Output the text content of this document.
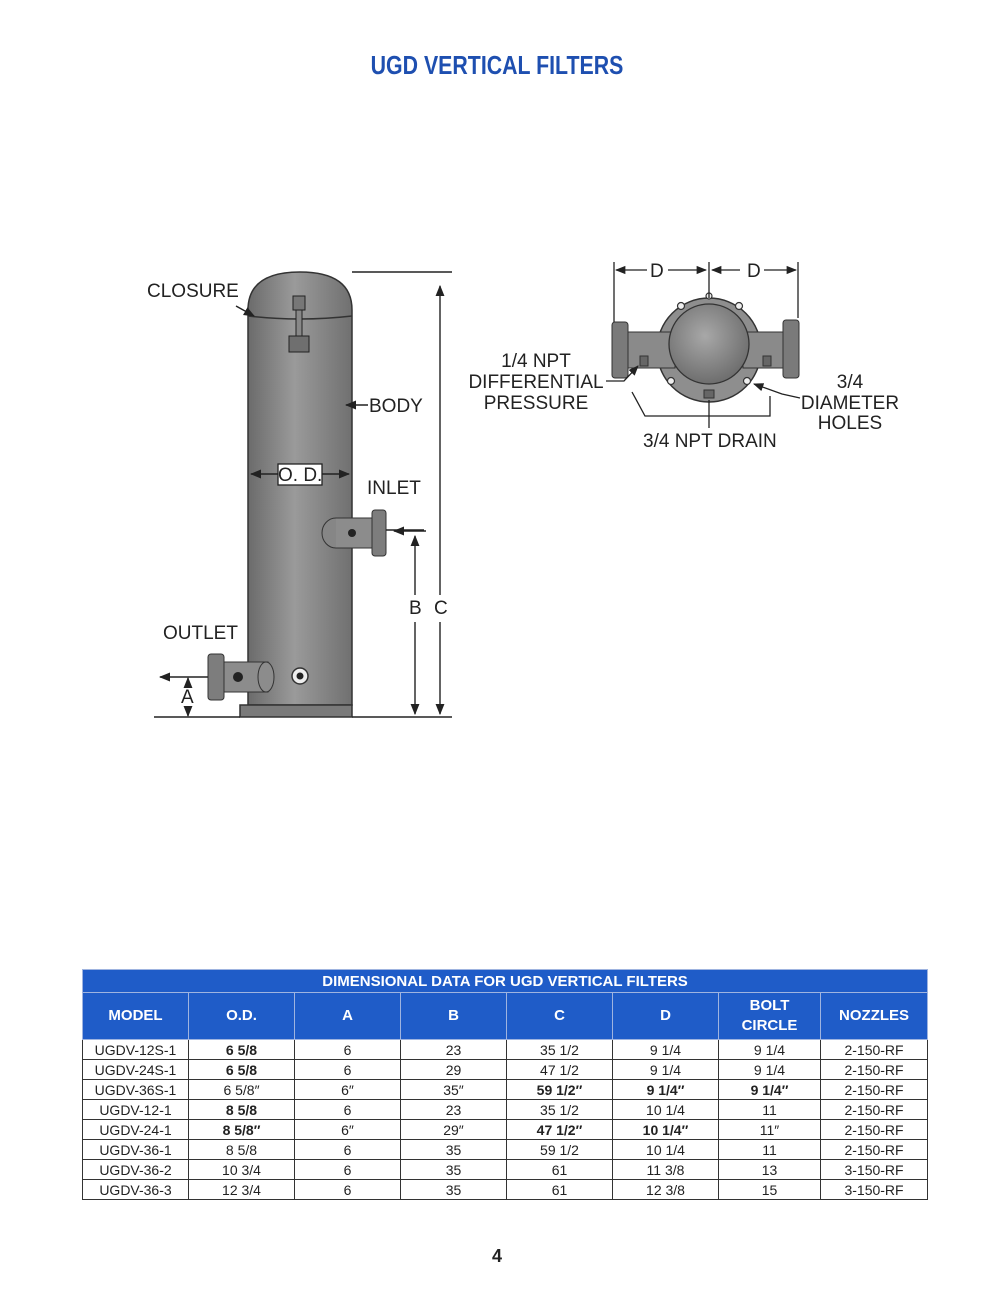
UGD VERTICAL FILTERS
CLOSURE
BODY
O. D.
INLET
OUTLET
A
B C
D	D
1/4 NPT
DIFFERENTIAL
PRESSURE
3/4 NPT DRAIN
3/4
DIAMETER
HOLES
DIMENSIONAL DATA FOR UGD VERTICAL FILTERS							
MODEL	O.D.	A	B	C	D	BOLT
CIRCLE	NOZZLES
UGDV-12S-1	6 5/8	6	23	35 1/2	9 1/4	9 1/4	2-150-RF
UGDV-24S-1	6 5/8	6	29	47 1/2	9 1/4	9 1/4	2-150-RF
UGDV-36S-1	6 5/8″	6″	35″	59 1/2″	9 1/4″	9 1/4″	2-150-RF
UGDV-12-1	8 5/8	6	23	35 1/2	10 1/4	11	2-150-RF
UGDV-24-1	8 5/8″	6″	29″	47 1/2″	10 1/4″	11″	2-150-RF
UGDV-36-1	8 5/8	6	35	59 1/2	10 1/4	11	2-150-RF
UGDV-36-2	10 3/4	6	35	61	11 3/8	13	3-150-RF
UGDV-36-3	12 3/4	6	35	61	12 3/8	15	3-150-RF
4
